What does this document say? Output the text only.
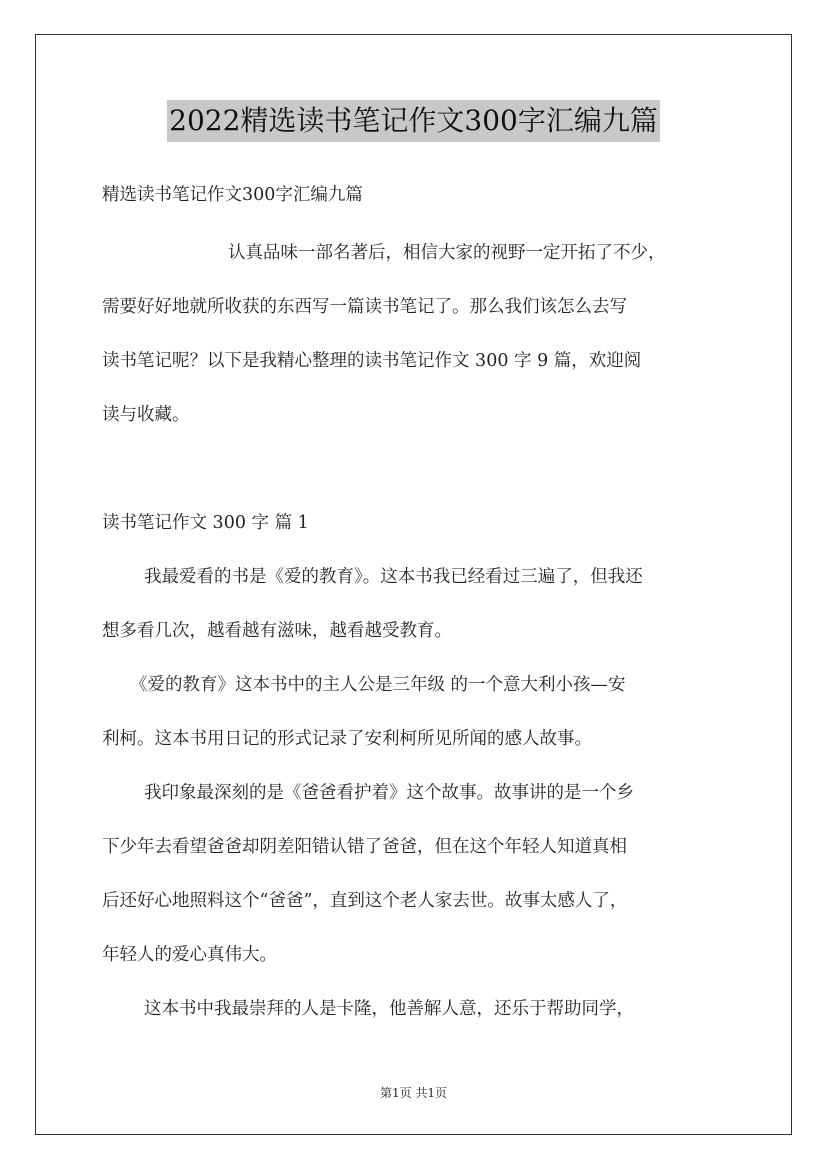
2022精选读书笔记作文300字汇编九篇
精选读书笔记作文300字汇编九篇
认真品味一部名著后，相信大家的视野一定开拓了不少，
需要好好地就所收获的东西写一篇读书笔记了。那么我们该怎么去写
读书笔记呢？以下是我精心整理的读书笔记作文 300 字 9 篇，欢迎阅
读与收藏。
读书笔记作文 300 字 篇 1
我最爱看的书是《爱的教育》。这本书我已经看过三遍了，但我还
想多看几次，越看越有滋味，越看越受教育。
《爱的教育》这本书中的主人公是三年级 的一个意大利小孩—安
利柯。这本书用日记的形式记录了安利柯所见所闻的感人故事。
我印象最深刻的是《爸爸看护着》这个故事。故事讲的是一个乡
下少年去看望爸爸却阴差阳错认错了爸爸，但在这个年轻人知道真相
后还好心地照料这个“爸爸”，直到这个老人家去世。故事太感人了，
年轻人的爱心真伟大。
这本书中我最崇拜的人是卡隆，他善解人意，还乐于帮助同学，
第1页 共1页
